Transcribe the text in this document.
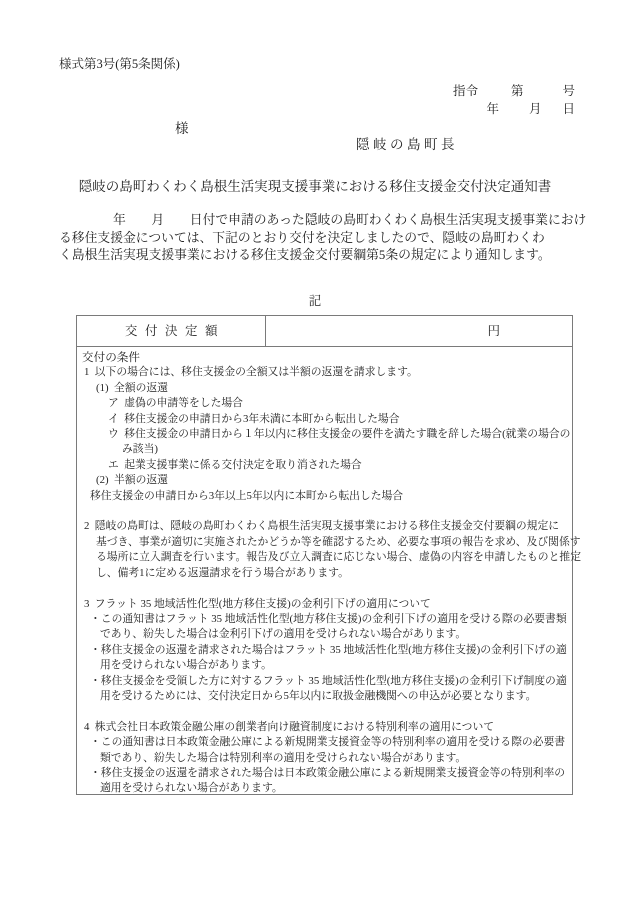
様式第3号(第5条関係)
指令	第	号
年 月 日
様
隠岐の島町長
隠岐の島町わくわく島根生活実現支援事業における移住支援金交付決定通知書
年　　月　　日付で申請のあった隠岐の島町わくわく島根生活実現支援事業におけ
る移住支援金については、下記のとおり交付を決定しましたので、隠岐の島町わくわ
く島根生活実現支援事業における移住支援金交付要綱第5条の規定により通知します。
記
交付決定額	円
交付の条件
1  以下の場合には、移住支援金の全額又は半額の返還を請求します。
(1)  全額の返還
ア  虚偽の申請等をした場合
イ  移住支援金の申請日から3年未満に本町から転出した場合
ウ  移住支援金の申請日から１年以内に移住支援金の要件を満たす職を辞した場合(就業の場合の
み該当)
エ  起業支援事業に係る交付決定を取り消された場合
(2)  半額の返還
移住支援金の申請日から3年以上5年以内に本町から転出した場合

2  隠岐の島町は、隠岐の島町わくわく島根生活実現支援事業における移住支援金交付要綱の規定に
基づき、事業が適切に実施されたかどうか等を確認するため、必要な事項の報告を求め、及び関係す
る場所に立入調査を行います。報告及び立入調査に応じない場合、虚偽の内容を申請したものと推定
し、備考1に定める返還請求を行う場合があります。

3  フラット 35 地域活性化型(地方移住支援)の金利引下げの適用について
・この通知書はフラット 35 地域活性化型(地方移住支援)の金利引下げの適用を受ける際の必要書類
であり、紛失した場合は金利引下げの適用を受けられない場合があります。
・移住支援金の返還を請求された場合はフラット 35 地域活性化型(地方移住支援)の金利引下げの適
用を受けられない場合があります。
・移住支援金を受領した方に対するフラット 35 地域活性化型(地方移住支援)の金利引下げ制度の適
用を受けるためには、交付決定日から5年以内に取扱金融機関への申込が必要となります。

4  株式会社日本政策金融公庫の創業者向け融資制度における特別利率の適用について
・この通知書は日本政策金融公庫による新規開業支援資金等の特別利率の適用を受ける際の必要書
類であり、紛失した場合は特別利率の適用を受けられない場合があります。
・移住支援金の返還を請求された場合は日本政策金融公庫による新規開業支援資金等の特別利率の
適用を受けられない場合があります。
